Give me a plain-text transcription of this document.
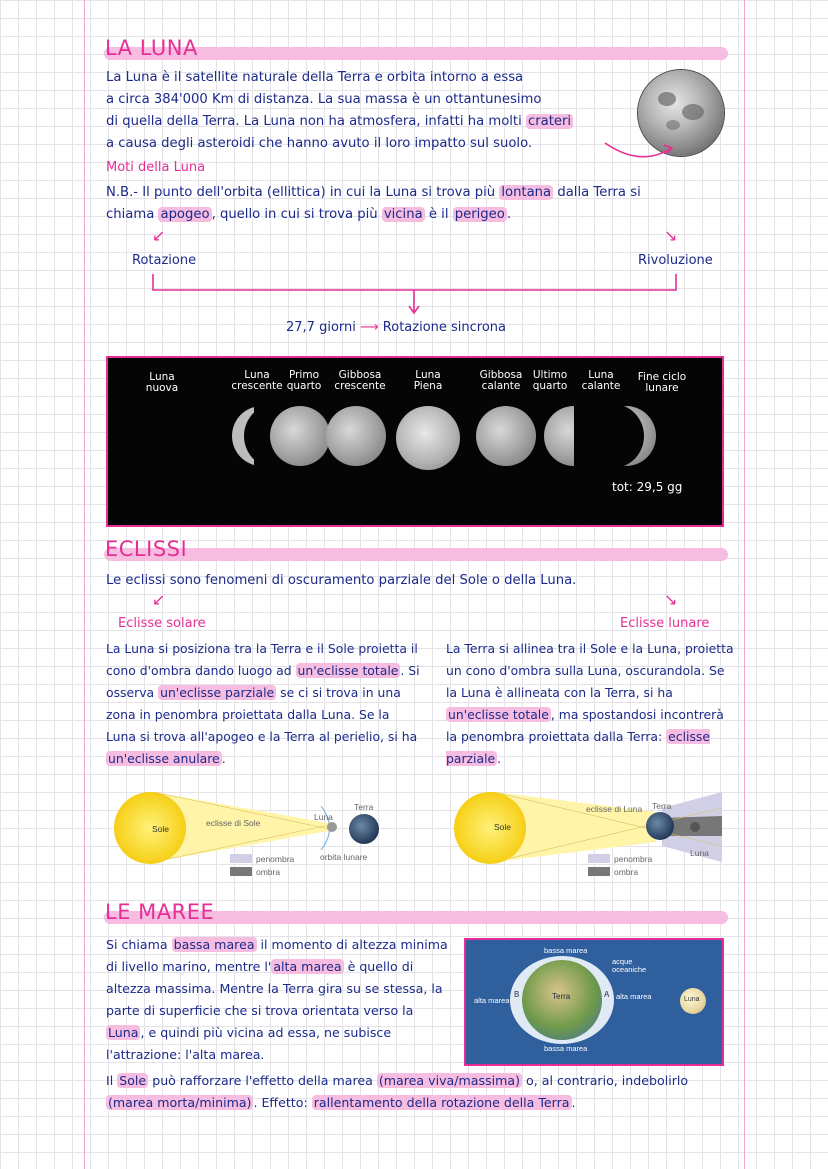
LA LUNA
La Luna è il satellite naturale della Terra e orbita intorno a essa
a circa 384'000 Km di distanza. La sua massa è un ottantunesimo
di quella della Terra. La Luna non ha atmosfera, infatti ha molti crateri
a causa degli asteroidi che hanno avuto il loro impatto sul suolo.
Moti della Luna
N.B.- Il punto dell'orbita (ellittica) in cui la Luna si trova più lontana dalla Terra si
chiama apogeo , quello in cui si trova più vicina è il perigeo .
↙	↘
Rotazione	Rivoluzione
27,7 giorni ⟶ Rotazione sincrona
Luna nuova
Luna crescente
Primo quarto
Gibbosa crescente
Luna Piena
Gibbosa calante
Ultimo quarto
Luna calante
Fine ciclo lunare
tot: 29,5 gg
ECLISSI
Le eclissi sono fenomeni di oscuramento parziale del Sole o della Luna.
↙	↘
Eclisse solare	Eclisse lunare
La Luna si posiziona tra la Terra e il Sole proietta il cono d'ombra dando luogo ad un'eclisse totale . Si osserva un'eclisse parziale se ci si trova in una zona in penombra proiettata dalla Luna. Se la Luna si trova all'apogeo e la Terra al perielio, si ha un'eclisse anulare .
La Terra si allinea tra il Sole e la Luna, proietta un cono d'ombra sulla Luna, oscurandola. Se la Luna è allineata con la Terra, si ha un'eclisse totale , ma spostandosi incontrerà la penombra proiettata dalla Terra: eclisse parziale .
Sole
eclisse di Sole
Luna
Terra
penombra
ombra
orbita lunare
Sole
eclisse di Luna Terra
Luna
penombra
ombra
LE MAREE
Si chiama bassa marea il momento di altezza minima di livello marino, mentre l' alta marea è quello di altezza massima. Mentre la Terra gira su se stessa, la parte di superficie che si trova orientata verso la Luna , e quindi più vicina ad essa, ne subisce l'attrazione: l'alta marea.
bassa marea
bassa marea
acque oceaniche
alta marea	alta marea
Terra	Luna
A
B
Il Sole può rafforzare l'effetto della marea (marea viva/massima) o, al contrario, indebolirlo (marea morta/minima) . Effetto: rallentamento della rotazione della Terra .
